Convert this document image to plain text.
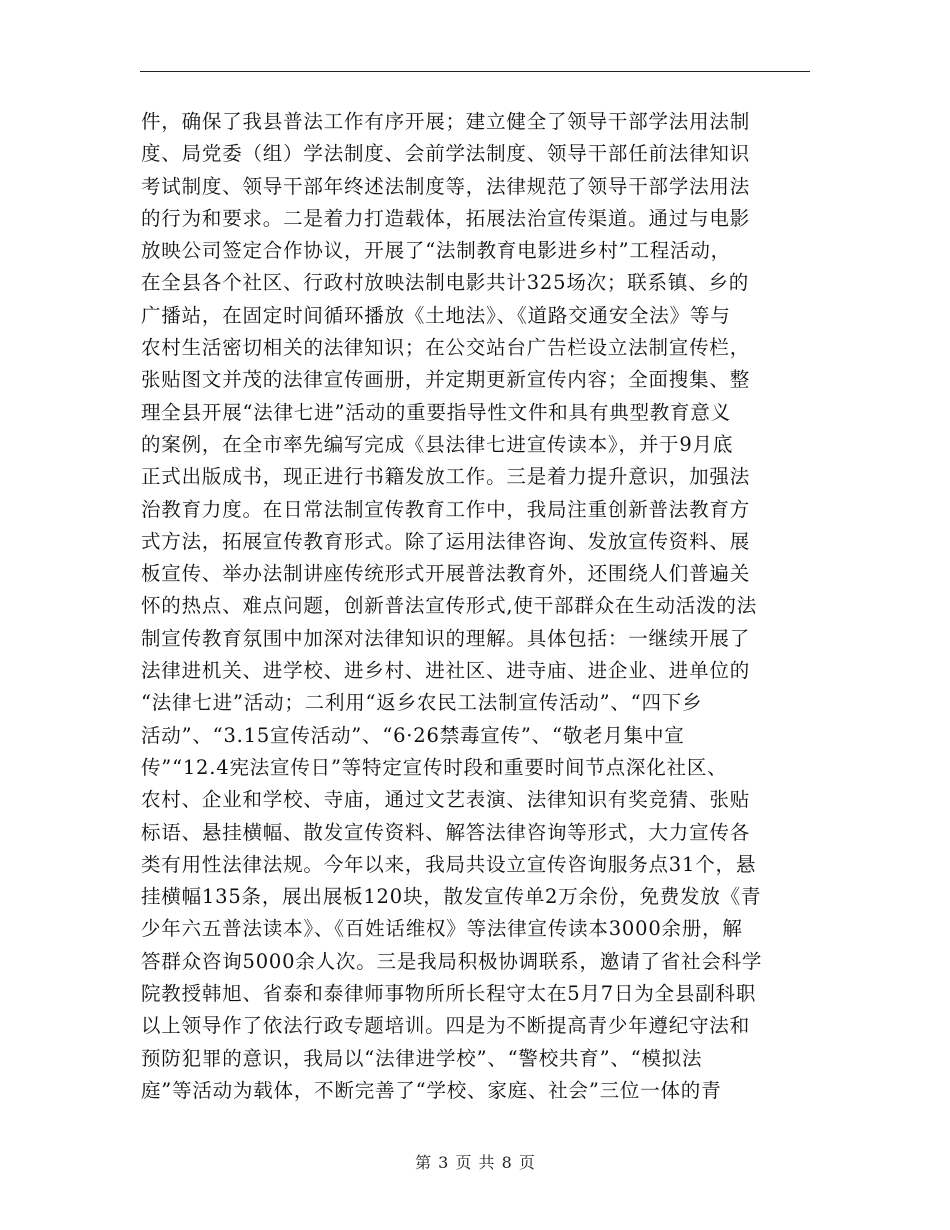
件，确保了我县普法工作有序开展；建立健全了领导干部学法用法制
度、局党委（组）学法制度、会前学法制度、领导干部任前法律知识
考试制度、领导干部年终述法制度等，法律规范了领导干部学法用法
的行为和要求。二是着力打造载体，拓展法治宣传渠道。通过与电影
放映公司签定合作协议，开展了“法制教育电影进乡村”工程活动，
在全县各个社区、行政村放映法制电影共计325场次；联系镇、乡的
广播站，在固定时间循环播放《土地法》、《道路交通安全法》等与
农村生活密切相关的法律知识；在公交站台广告栏设立法制宣传栏，
张贴图文并茂的法律宣传画册，并定期更新宣传内容；全面搜集、整
理全县开展“法律七进”活动的重要指导性文件和具有典型教育意义
的案例，在全市率先编写完成《县法律七进宣传读本》，并于9月底
正式出版成书，现正进行书籍发放工作。三是着力提升意识，加强法
治教育力度。在日常法制宣传教育工作中，我局注重创新普法教育方
式方法，拓展宣传教育形式。除了运用法律咨询、发放宣传资料、展
板宣传、举办法制讲座传统形式开展普法教育外，还围绕人们普遍关
怀的热点、难点问题，创新普法宣传形式,使干部群众在生动活泼的法
制宣传教育氛围中加深对法律知识的理解。具体包括：一继续开展了
法律进机关、进学校、进乡村、进社区、进寺庙、进企业、进单位的
“法律七进”活动；二利用“返乡农民工法制宣传活动”、“四下乡
活动”、“3.15宣传活动”、“6·26禁毒宣传”、“敬老月集中宣
传”“12.4宪法宣传日”等特定宣传时段和重要时间节点深化社区、
农村、企业和学校、寺庙，通过文艺表演、法律知识有奖竞猜、张贴
标语、悬挂横幅、散发宣传资料、解答法律咨询等形式，大力宣传各
类有用性法律法规。今年以来，我局共设立宣传咨询服务点31个，悬
挂横幅135条，展出展板120块，散发宣传单2万余份，免费发放《青
少年六五普法读本》、《百姓话维权》等法律宣传读本3000余册，解
答群众咨询5000余人次。三是我局积极协调联系，邀请了省社会科学
院教授韩旭、省泰和泰律师事物所所长程守太在5月7日为全县副科职
以上领导作了依法行政专题培训。四是为不断提高青少年遵纪守法和
预防犯罪的意识，我局以“法律进学校”、“警校共育”、“模拟法
庭”等活动为载体，不断完善了“学校、家庭、社会”三位一体的青
第 3 页 共 8 页
